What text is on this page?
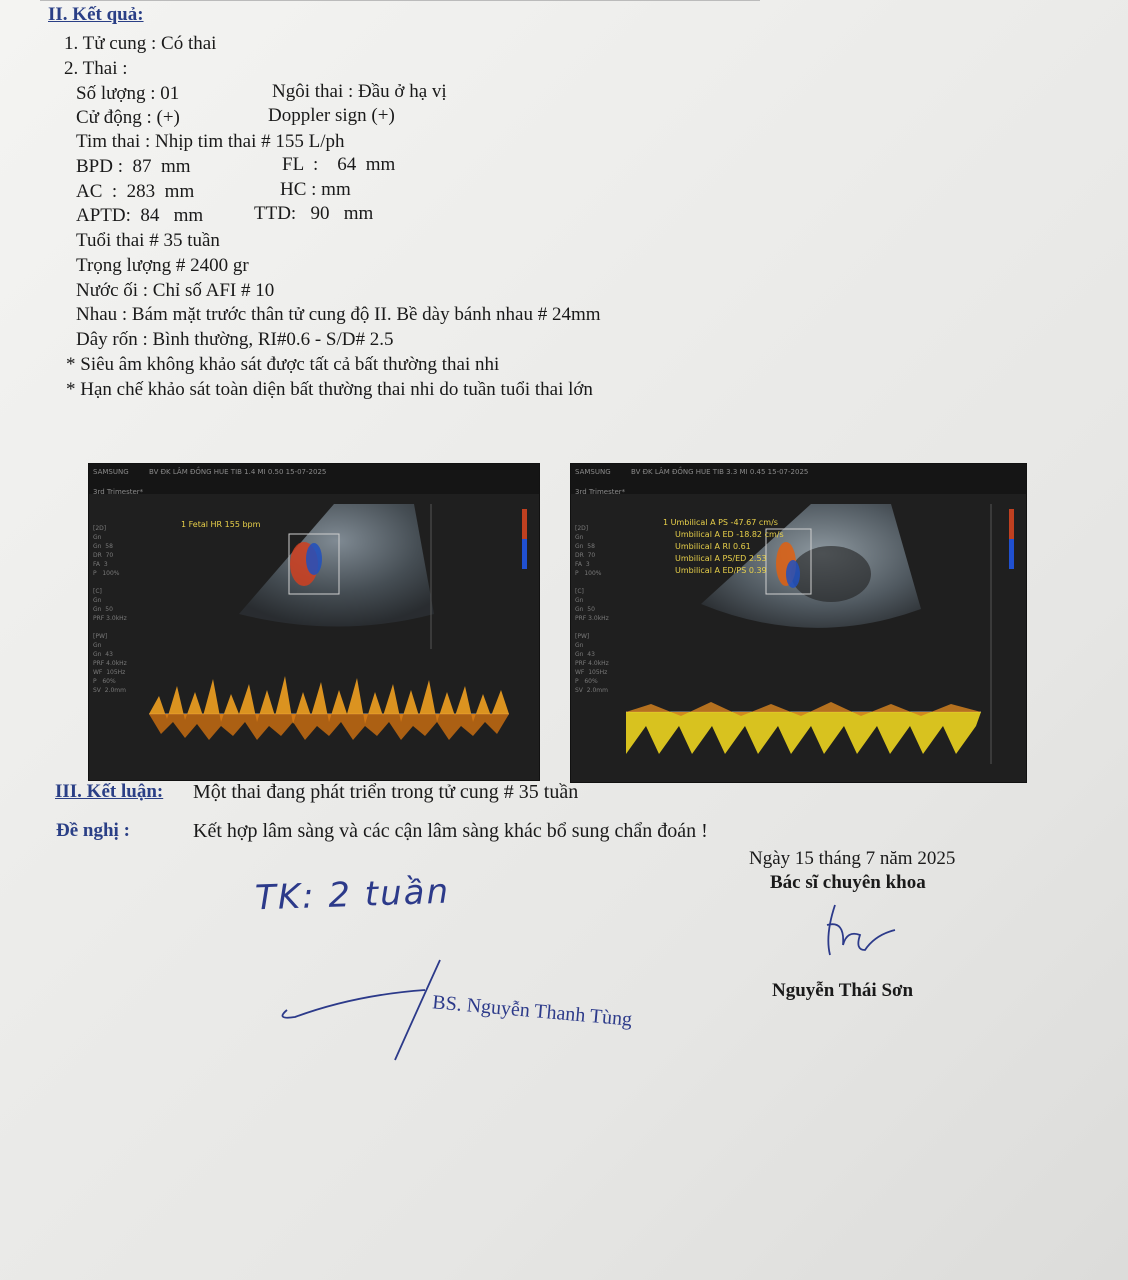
II. Kết quả:
1. Tử cung : Có thai
2. Thai :
Số lượng : 01	Ngôi thai : Đầu ở hạ vị
Cử động : (+)	Doppler sign (+)
Tim thai : Nhịp tim thai # 155 L/ph
BPD :  87  mm	FL  :    64  mm
AC  :  283  mm	HC : mm
APTD:  84   mm	TTD:   90   mm
Tuổi thai # 35 tuần
Trọng lượng # 2400 gr
Nước ối : Chỉ số AFI # 10
Nhau : Bám mặt trước thân tử cung độ II. Bề dày bánh nhau # 24mm
Dây rốn : Bình thường, RI#0.6 - S/D# 2.5
* Siêu âm không khảo sát được tất cả bất thường thai nhi
* Hạn chế khảo sát toàn diện bất thường thai nhi do tuần tuổi thai lớn
SAMSUNG	BV ĐK LÂM ĐỒNG HUE TIB 1.4 MI 0.50 15-07-2025
3rd Trimester*
1 Fetal HR 155 bpm
[2D]
Gn
Gn  58
DR  70
FA  3
P   100%

[C]
Gn
Gn  50
PRF 3.0kHz

[PW]
Gn
Gn  43
PRF 4.0kHz
WF  105Hz
P   60%
SV  2.0mm
SAMSUNG	BV ĐK LÂM ĐỒNG HUE TIB 3.3 MI 0.45 15-07-2025
3rd Trimester*
1 Umbilical A PS -47.67 cm/s
Umbilical A ED -18.82 cm/s
Umbilical A RI 0.61
Umbilical A PS/ED 2.53
Umbilical A ED/PS 0.39
[2D]
Gn
Gn  58
DR  70
FA  3
P   100%

[C]
Gn
Gn  50
PRF 3.0kHz

[PW]
Gn
Gn  43
PRF 4.0kHz
WF  105Hz
P   60%
SV  2.0mm
III. Kết luận: Một thai đang phát triển trong tử cung # 35 tuần
Đề nghị :	Kết hợp lâm sàng và các cận lâm sàng khác bổ sung chẩn đoán !
Ngày 15 tháng 7 năm 2025
Bác sĩ chuyên khoa
Nguyễn Thái Sơn
TK: 2 tuần
BS. Nguyễn Thanh Tùng
